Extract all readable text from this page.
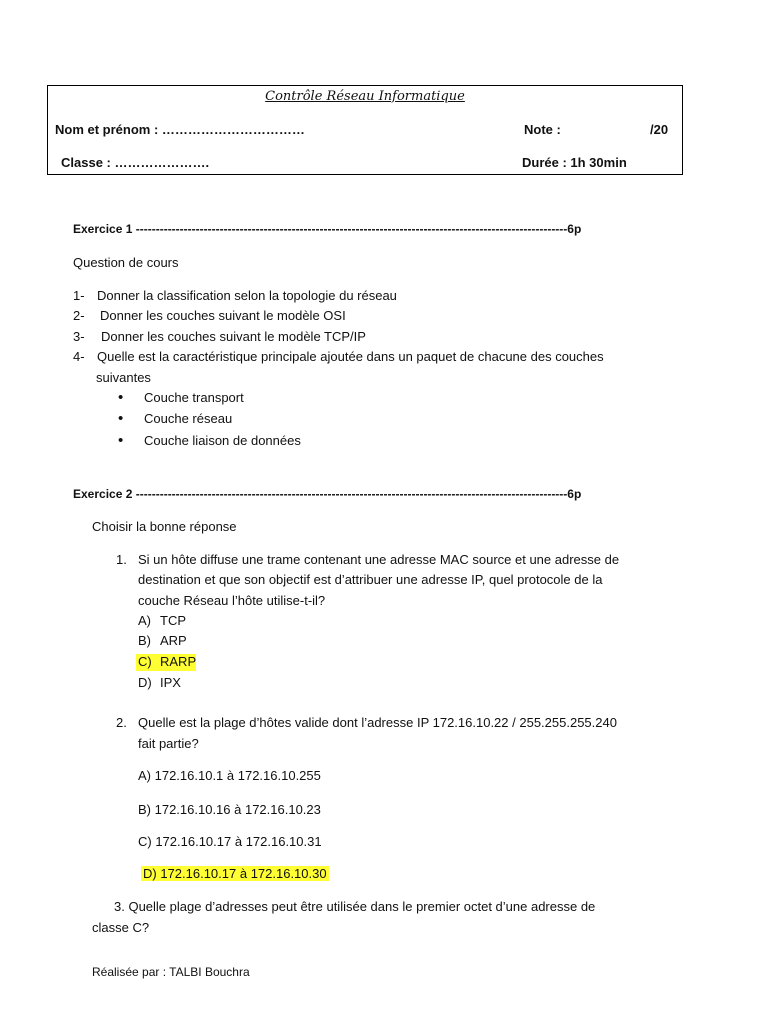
Contrôle Réseau Informatique
Nom et prénom : ……………………………	Note :	/20
Classe : ………………….	Durée : 1h 30min
Exercice 1 ------------------------------------------------------------------------------------------------------------6p
Question de cours
1- Donner la classification selon la topologie du réseau
2- Donner les couches suivant le modèle OSI
3- Donner les couches suivant le modèle TCP/IP
4- Quelle est la caractéristique principale ajoutée dans un paquet de chacune des couches
suivantes
• Couche transport
• Couche réseau
• Couche liaison de données
Exercice 2 ------------------------------------------------------------------------------------------------------------6p
Choisir la bonne réponse
1. Si un hôte diffuse une trame contenant une adresse MAC source et une adresse de
destination et que son objectif est d’attribuer une adresse IP, quel protocole de la
couche Réseau l’hôte utilise-t-il?
A) TCP
B) ARP
C) RARP
D) IPX
2. Quelle est la plage d’hôtes valide dont l’adresse IP 172.16.10.22 / 255.255.255.240
fait partie?
A) 172.16.10.1 à 172.16.10.255
B) 172.16.10.16 à 172.16.10.23
C) 172.16.10.17 à 172.16.10.31
D) 172.16.10.17 à 172.16.10.30
3. Quelle plage d’adresses peut être utilisée dans le premier octet d’une adresse de
classe C?
Réalisée par : TALBI Bouchra
